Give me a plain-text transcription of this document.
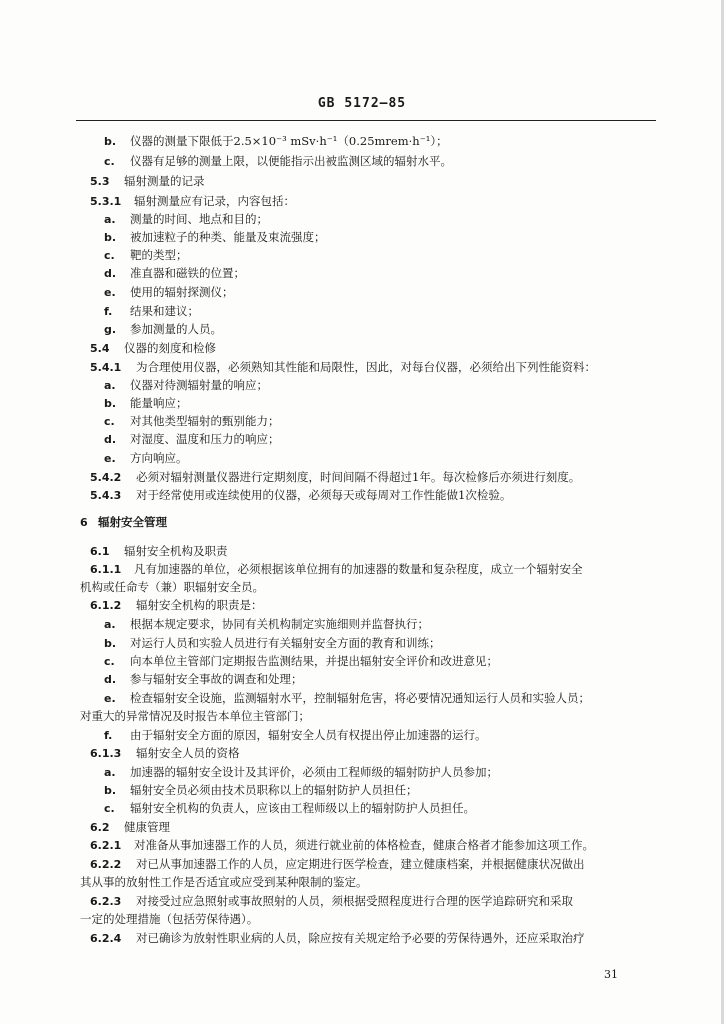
GB 5172—85
b. 仪器的测量下限低于2.5×10⁻³ mSv·h⁻¹（0.25mrem·h⁻¹）；
c. 仪器有足够的测量上限，以便能指示出被监测区域的辐射水平。
5.3 辐射测量的记录
5.3.1 辐射测量应有记录，内容包括：
a. 测量的时间、地点和目的；
b. 被加速粒子的种类、能量及束流强度；
c. 靶的类型；
d. 准直器和磁铁的位置；
e. 使用的辐射探测仪；
f. 结果和建议；
g. 参加测量的人员。
5.4 仪器的刻度和检修
5.4.1 为合理使用仪器，必须熟知其性能和局限性，因此，对每台仪器，必须给出下列性能资料：
a. 仪器对待测辐射量的响应；
b. 能量响应；
c. 对其他类型辐射的甄别能力；
d. 对湿度、温度和压力的响应；
e. 方向响应。
5.4.2 必须对辐射测量仪器进行定期刻度，时间间隔不得超过1年。每次检修后亦须进行刻度。
5.4.3 对于经常使用或连续使用的仪器，必须每天或每周对工作性能做1次检验。
6 辐射安全管理
6.1 辐射安全机构及职责
6.1.1 凡有加速器的单位，必须根据该单位拥有的加速器的数量和复杂程度，成立一个辐射安全
机构或任命专（兼）职辐射安全员。
6.1.2 辐射安全机构的职责是：
a. 根据本规定要求，协同有关机构制定实施细则并监督执行；
b. 对运行人员和实验人员进行有关辐射安全方面的教育和训练；
c. 向本单位主管部门定期报告监测结果，并提出辐射安全评价和改进意见；
d. 参与辐射安全事故的调查和处理；
e. 检查辐射安全设施，监测辐射水平，控制辐射危害，将必要情况通知运行人员和实验人员；
对重大的异常情况及时报告本单位主管部门；
f. 由于辐射安全方面的原因，辐射安全人员有权提出停止加速器的运行。
6.1.3 辐射安全人员的资格
a. 加速器的辐射安全设计及其评价，必须由工程师级的辐射防护人员参加；
b. 辐射安全员必须由技术员职称以上的辐射防护人员担任；
c. 辐射安全机构的负责人，应该由工程师级以上的辐射防护人员担任。
6.2 健康管理
6.2.1 对准备从事加速器工作的人员，须进行就业前的体格检查，健康合格者才能参加这项工作。
6.2.2 对已从事加速器工作的人员，应定期进行医学检查，建立健康档案，并根据健康状况做出
其从事的放射性工作是否适宜或应受到某种限制的鉴定。
6.2.3 对接受过应急照射或事故照射的人员，须根据受照程度进行合理的医学追踪研究和采取
一定的处理措施（包括劳保待遇）。
6.2.4 对已确诊为放射性职业病的人员，除应按有关规定给予必要的劳保待遇外，还应采取治疗
31
